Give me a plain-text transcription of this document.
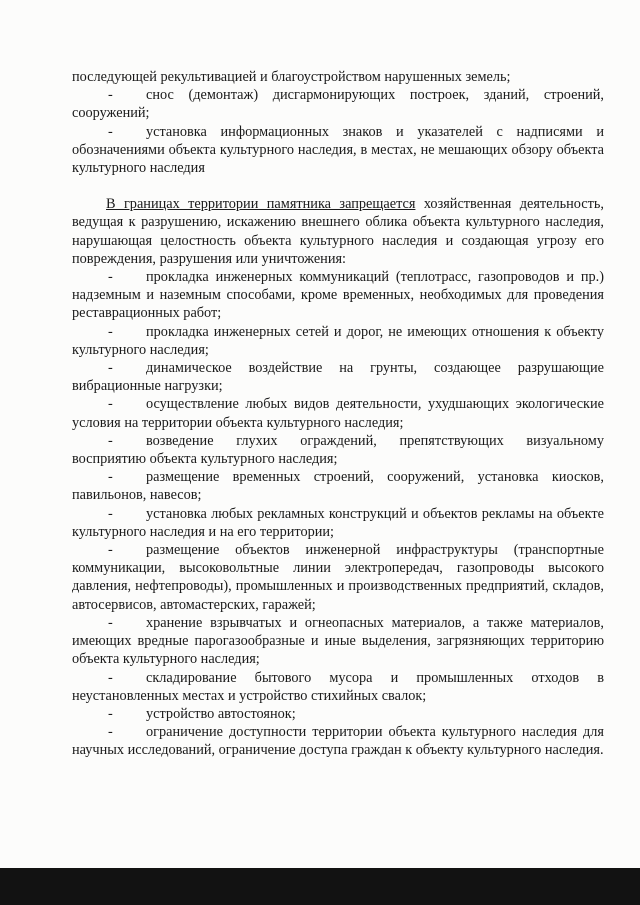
последующей рекультивацией и благоустройством нарушенных земель;

- снос (демонтаж) дисгармонирующих построек, зданий, строений, сооружений;

- установка информационных знаков и указателей с надписями и обозначениями объекта культурного наследия, в местах, не мешающих обзору объекта культурного наследия

В границах территории памятника запрещается хозяйственная деятельность, ведущая к разрушению, искажению внешнего облика объекта культурного наследия, нарушающая целостность объекта культурного наследия и создающая угрозу его повреждения, разрушения или уничтожения:

- прокладка инженерных коммуникаций (теплотрасс, газопроводов и пр.) надземным и наземным способами, кроме временных, необходимых для проведения реставрационных работ;

- прокладка инженерных сетей и дорог, не имеющих отношения к объекту культурного наследия;

- динамическое воздействие на грунты, создающее разрушающие вибрационные нагрузки;

- осуществление любых видов деятельности, ухудшающих экологические условия на территории объекта культурного наследия;

- возведение глухих ограждений, препятствующих визуальному восприятию объекта культурного наследия;

- размещение временных строений, сооружений, установка киосков, павильонов, навесов;

- установка любых рекламных конструкций и объектов рекламы на объекте культурного наследия и на его территории;

- размещение объектов инженерной инфраструктуры (транспортные коммуникации, высоковольтные линии электропередач, газопроводы высокого давления, нефтепроводы), промышленных и производственных предприятий, складов, автосервисов, автомастерских, гаражей;

- хранение взрывчатых и огнеопасных материалов, а также материалов, имеющих вредные парогазообразные и иные выделения, загрязняющих территорию объекта культурного наследия;

- складирование бытового мусора и промышленных отходов в неустановленных местах и устройство стихийных свалок;

- устройство автостоянок;

- ограничение доступности территории объекта культурного наследия для научных исследований, ограничение доступа граждан к объекту культурного наследия.
